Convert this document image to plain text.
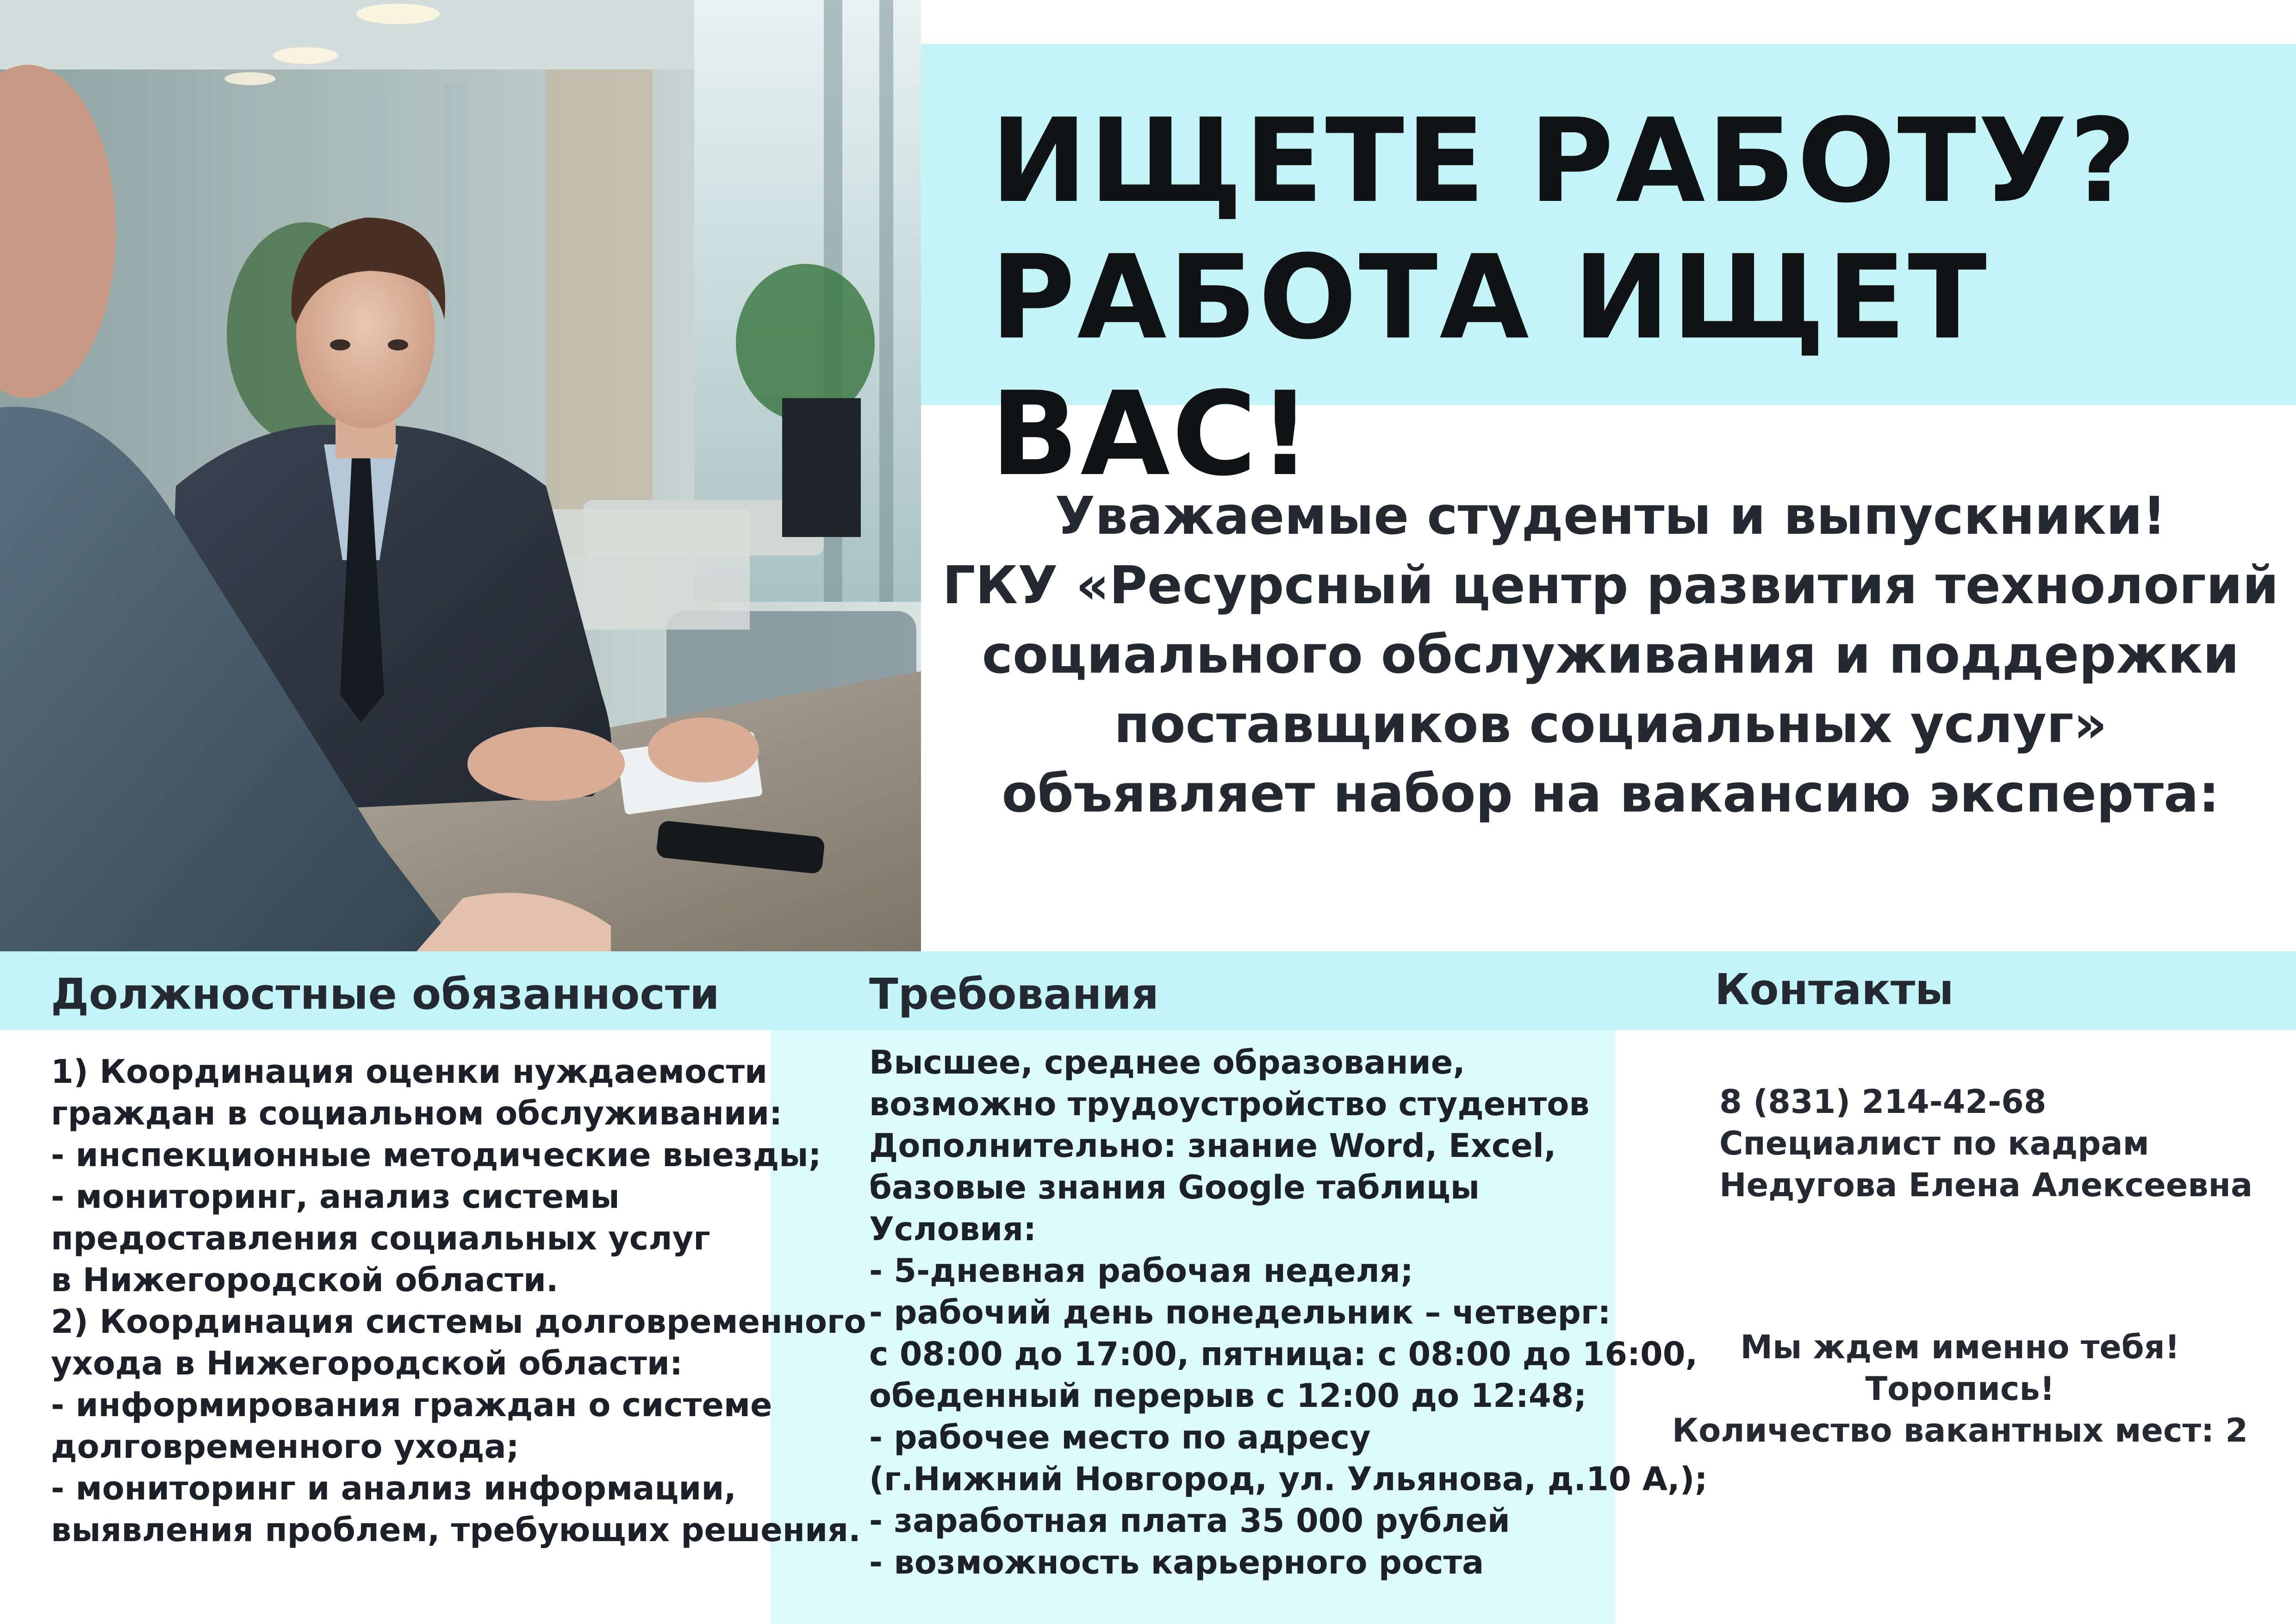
ИЩЕТЕ РАБОТУ?
РАБОТА ИЩЕТ ВАС!
Уважаемые студенты и выпускники!
ГКУ «Ресурсный центр развития технологий
социального обслуживания и поддержки
поставщиков социальных услуг»
объявляет набор на вакансию эксперта:
Должностные обязанности	Требования	Контакты
1) Координация оценки нуждаемости
граждан в социальном обслуживании:
- инспекционные методические выезды;
- мониторинг, анализ системы
предоставления социальных услуг
в Нижегородской области.
2) Координация системы долговременного
ухода в Нижегородской области:
- информирования граждан о системе
долговременного ухода;
- мониторинг и анализ информации,
выявления проблем, требующих решения.
Высшее, среднее образование,
возможно трудоустройство студентов
Дополнительно: знание Word, Excel,
базовые знания Google таблицы
Условия:
- 5-дневная рабочая неделя;
- рабочий день понедельник – четверг:
с 08:00 до 17:00, пятница: с 08:00 до 16:00,
обеденный перерыв с 12:00 до 12:48;
- рабочее место по адресу
(г.Нижний Новгород, ул. Ульянова, д.10 А,);
- заработная плата 35 000 рублей
- возможность карьерного роста
8 (831) 214-42-68
Специалист по кадрам
Недугова Елена Алексеевна
Мы ждем именно тебя!
Торопись!
Количество вакантных мест: 2
